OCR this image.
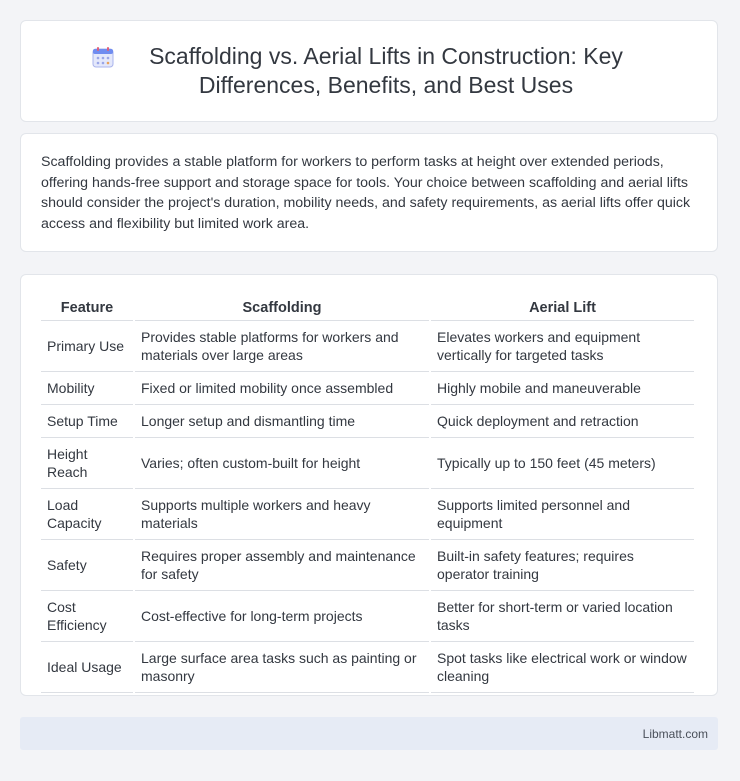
Scaffolding vs. Aerial Lifts in Construction: Key Differences, Benefits, and Best Uses

Scaffolding provides a stable platform for workers to perform tasks at height over extended periods, offering hands-free support and storage space for tools. Your choice between scaffolding and aerial lifts should consider the project's duration, mobility needs, and safety requirements, as aerial lifts offer quick access and flexibility but limited work area.

Feature	Scaffolding	Aerial Lift
Primary Use	Provides stable platforms for workers and materials over large areas	Elevates workers and equipment vertically for targeted tasks
Mobility	Fixed or limited mobility once assembled	Highly mobile and maneuverable
Setup Time	Longer setup and dismantling time	Quick deployment and retraction
Height Reach	Varies; often custom-built for height	Typically up to 150 feet (45 meters)
Load Capacity	Supports multiple workers and heavy materials	Supports limited personnel and equipment
Safety	Requires proper assembly and maintenance for safety	Built-in safety features; requires operator training
Cost Efficiency	Cost-effective for long-term projects	Better for short-term or varied location tasks
Ideal Usage	Large surface area tasks such as painting or masonry	Spot tasks like electrical work or window cleaning
Libmatt.com
